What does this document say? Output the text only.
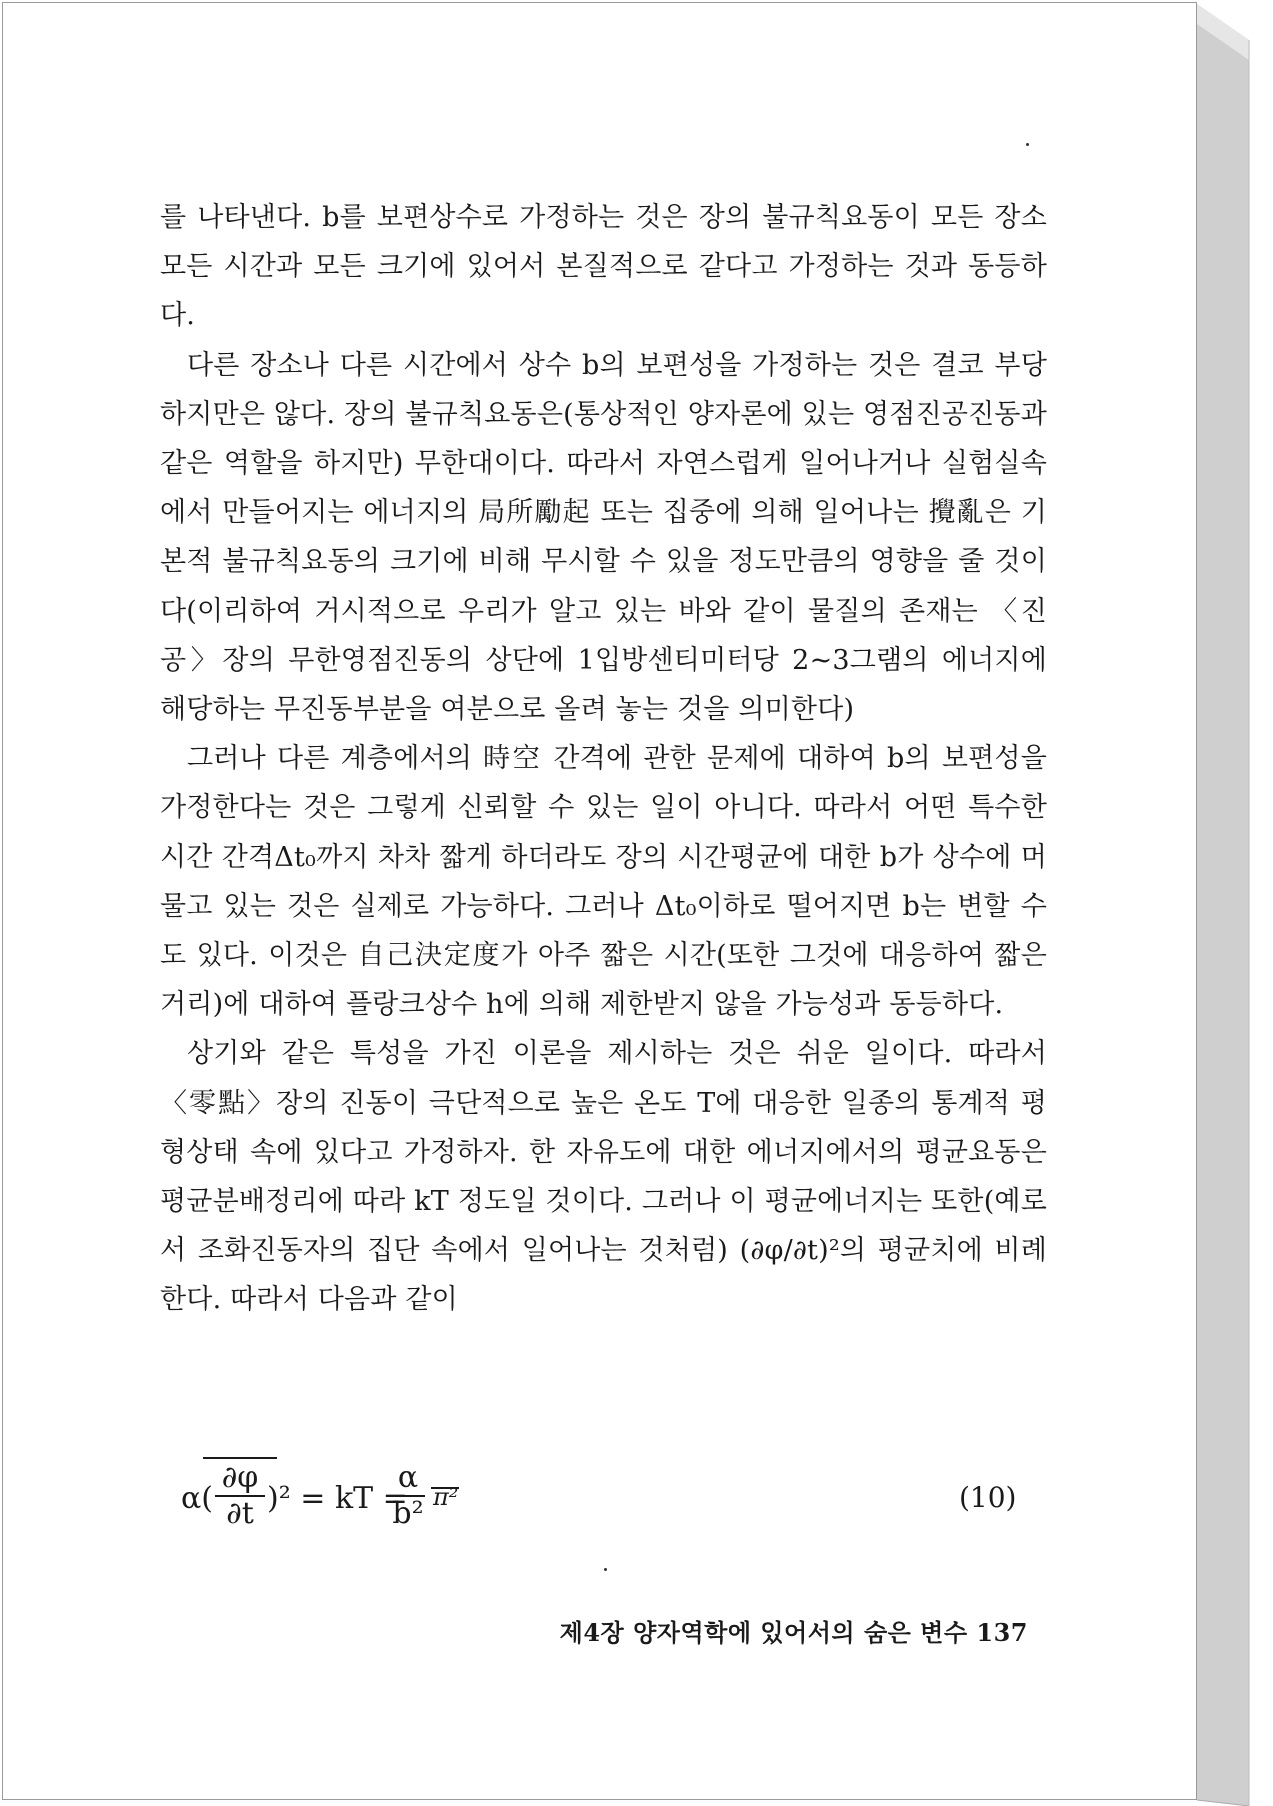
를 나타낸다. b를 보편상수로 가정하는 것은 장의 불규칙요동이 모든 장소 모든 시간과 모든 크기에 있어서 본질적으로 같다고 가정하는 것과 동등하다.

다른 장소나 다른 시간에서 상수 b의 보편성을 가정하는 것은 결코 부당하지만은 않다. 장의 불규칙요동은(통상적인 양자론에 있는 영점진공진동과 같은 역할을 하지만) 무한대이다. 따라서 자연스럽게 일어나거나 실험실속에서 만들어지는 에너지의 局所勵起 또는 집중에 의해 일어나는 攪亂은 기본적 불규칙요동의 크기에 비해 무시할 수 있을 정도만큼의 영향을 줄 것이다(이리하여 거시적으로 우리가 알고 있는 바와 같이 물질의 존재는 〈진공〉장의 무한영점진동의 상단에 1입방센티미터당 2~3그램의 에너지에 해당하는 무진동부분을 여분으로 올려 놓는 것을 의미한다)

그러나 다른 계층에서의 時空 간격에 관한 문제에 대하여 b의 보편성을 가정한다는 것은 그렇게 신뢰할 수 있는 일이 아니다. 따라서 어떤 특수한 시간 간격Δt₀까지 차차 짧게 하더라도 장의 시간평균에 대한 b가 상수에 머물고 있는 것은 실제로 가능하다. 그러나 Δt₀이하로 떨어지면 b는 변할 수도 있다. 이것은 自己決定度가 아주 짧은 시간(또한 그것에 대응하여 짧은 거리)에 대하여 플랑크상수 h에 의해 제한받지 않을 가능성과 동등하다.

상기와 같은 특성을 가진 이론을 제시하는 것은 쉬운 일이다. 따라서 〈零點〉장의 진동이 극단적으로 높은 온도 T에 대응한 일종의 통계적 평형상태 속에 있다고 가정하자. 한 자유도에 대한 에너지에서의 평균요동은 평균분배정리에 따라 kT 정도일 것이다. 그러나 이 평균에너지는 또한(예로서 조화진동자의 집단 속에서 일어나는 것처럼) (∂φ/∂t)²의 평균치에 비례한다. 따라서 다음과 같이

$\alpha( \frac{\partial\varphi}{\partial t} )^2$ = kT =
$\frac{\alpha}{\text{b²}} \pi^2$	(10)
제4장 양자역학에 있어서의 숨은 변수 137
